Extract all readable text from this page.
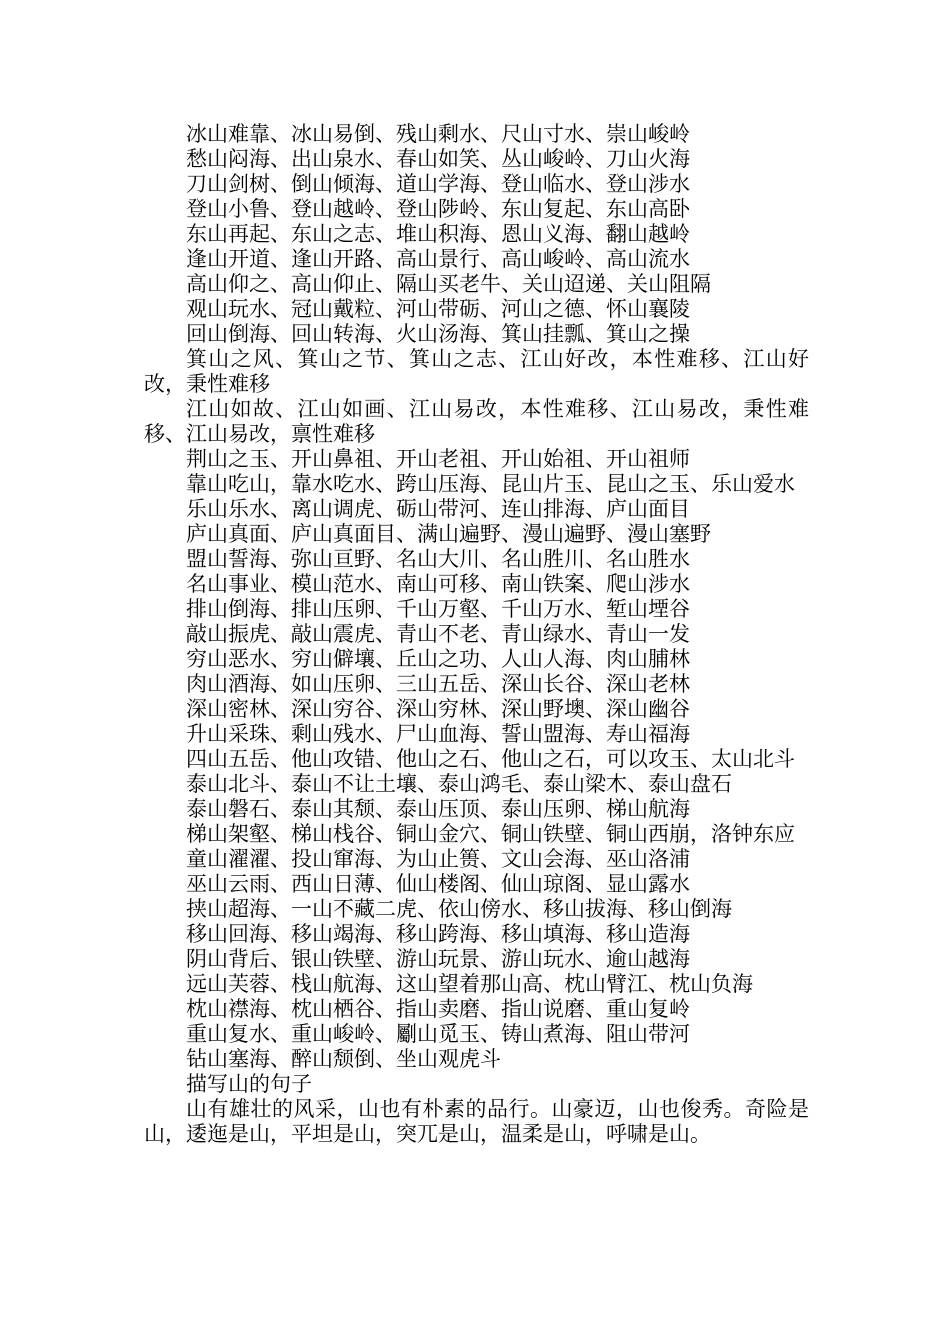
冰山难靠、冰山易倒、残山剩水、尺山寸水、崇山峻岭

愁山闷海、出山泉水、春山如笑、丛山峻岭、刀山火海

刀山剑树、倒山倾海、道山学海、登山临水、登山涉水

登山小鲁、登山越岭、登山陟岭、东山复起、东山高卧

东山再起、东山之志、堆山积海、恩山义海、翻山越岭

逢山开道、逢山开路、高山景行、高山峻岭、高山流水

高山仰之、高山仰止、隔山买老牛、关山迢递、关山阻隔

观山玩水、冠山戴粒、河山带砺、河山之德、怀山襄陵

回山倒海、回山转海、火山汤海、箕山挂瓢、箕山之操

箕山之风、箕山之节、箕山之志、江山好改，本性难移、江山好改，秉性难移

江山如故、江山如画、江山易改，本性难移、江山易改，秉性难移、江山易改，禀性难移

荆山之玉、开山鼻祖、开山老祖、开山始祖、开山祖师

靠山吃山，靠水吃水、跨山压海、昆山片玉、昆山之玉、乐山爱水

乐山乐水、离山调虎、砺山带河、连山排海、庐山面目

庐山真面、庐山真面目、满山遍野、漫山遍野、漫山塞野

盟山誓海、弥山亘野、名山大川、名山胜川、名山胜水

名山事业、模山范水、南山可移、南山铁案、爬山涉水

排山倒海、排山压卵、千山万壑、千山万水、堑山堙谷

敲山振虎、敲山震虎、青山不老、青山绿水、青山一发

穷山恶水、穷山僻壤、丘山之功、人山人海、肉山脯林

肉山酒海、如山压卵、三山五岳、深山长谷、深山老林

深山密林、深山穷谷、深山穷林、深山野墺、深山幽谷

升山采珠、剩山残水、尸山血海、誓山盟海、寿山福海

四山五岳、他山攻错、他山之石、他山之石，可以攻玉、太山北斗

泰山北斗、泰山不让土壤、泰山鸿毛、泰山梁木、泰山盘石

泰山磐石、泰山其颓、泰山压顶、泰山压卵、梯山航海

梯山架壑、梯山栈谷、铜山金穴、铜山铁壁、铜山西崩，洛钟东应

童山濯濯、投山窜海、为山止篑、文山会海、巫山洛浦

巫山云雨、西山日薄、仙山楼阁、仙山琼阁、显山露水

挟山超海、一山不藏二虎、依山傍水、移山拔海、移山倒海

移山回海、移山竭海、移山跨海、移山填海、移山造海

阴山背后、银山铁壁、游山玩景、游山玩水、逾山越海

远山芙蓉、栈山航海、这山望着那山高、枕山臂江、枕山负海

枕山襟海、枕山栖谷、指山卖磨、指山说磨、重山复岭

重山复水、重山峻岭、劚山觅玉、铸山煮海、阻山带河

钻山塞海、醉山颓倒、坐山观虎斗

描写山的句子

山有雄壮的风采，山也有朴素的品行。山豪迈，山也俊秀。奇险是山，逶迤是山，平坦是山，突兀是山，温柔是山，呼啸是山。
